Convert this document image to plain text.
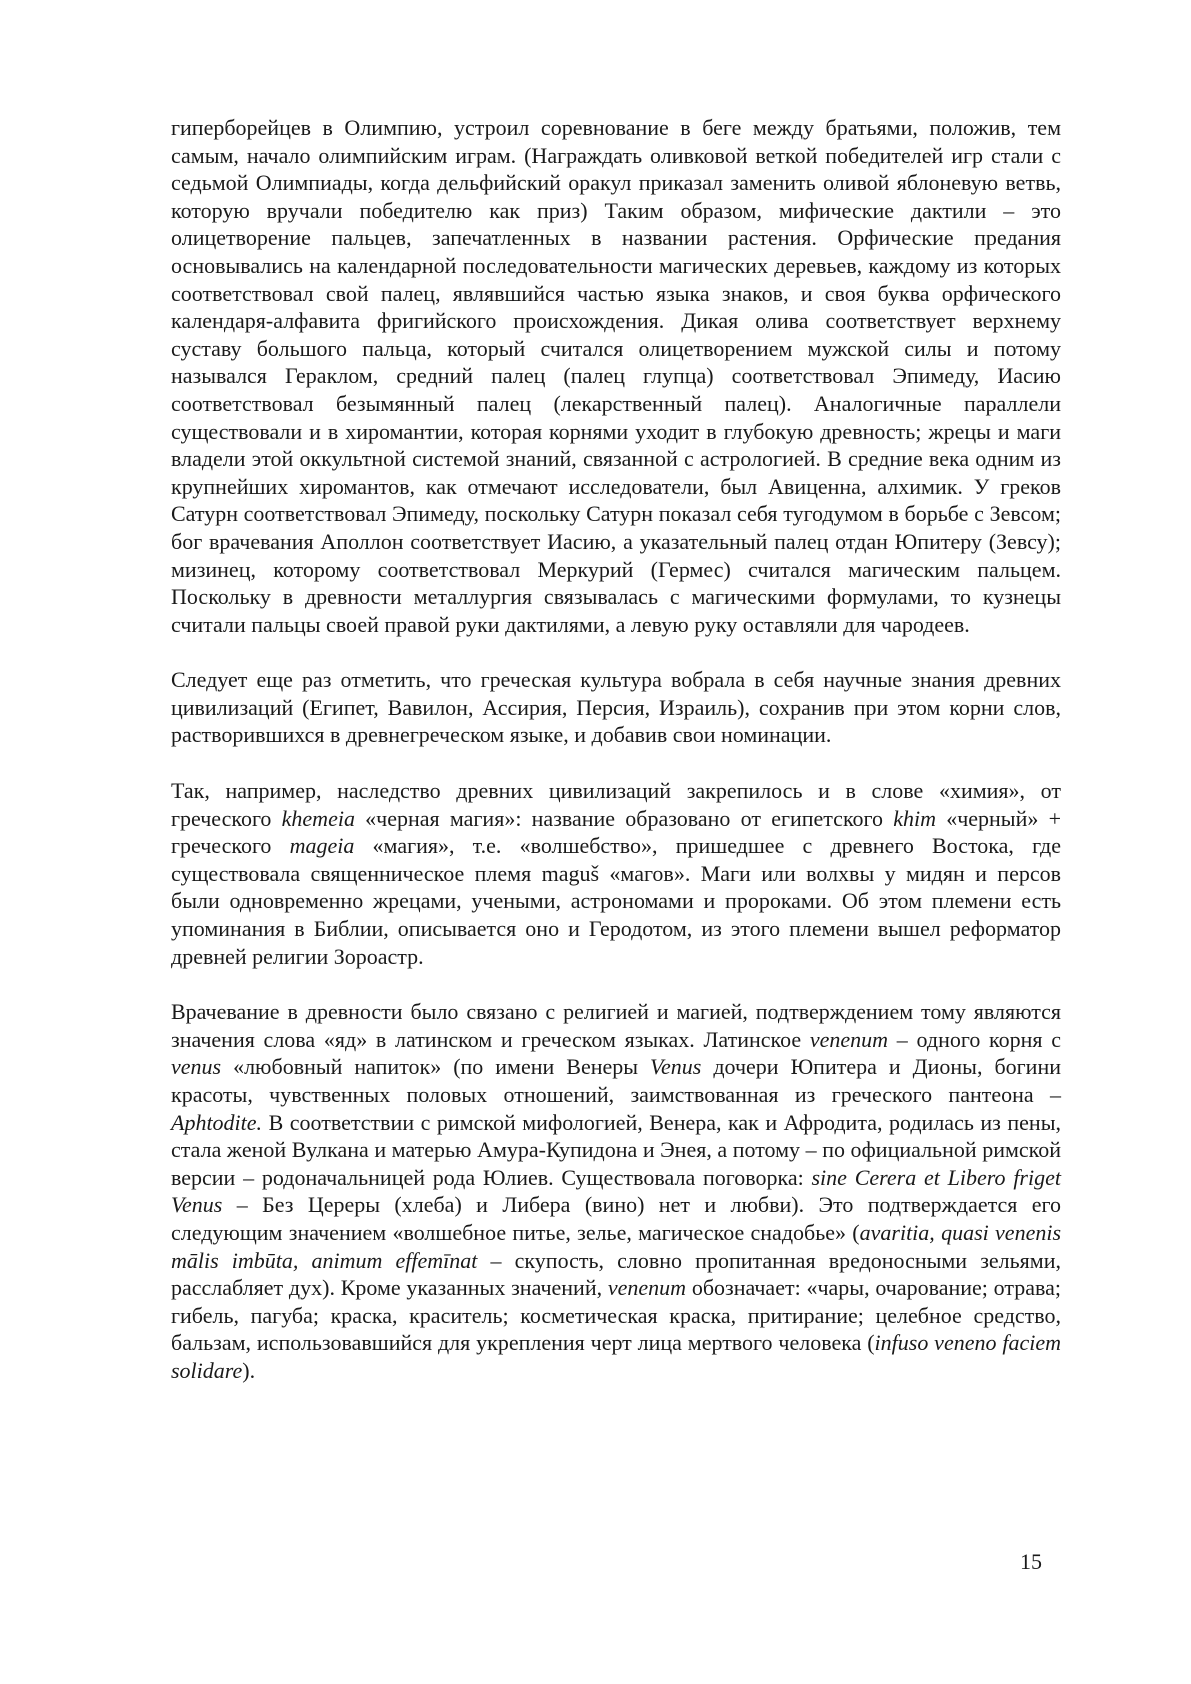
гиперборейцев в Олимпию, устроил соревнование в беге между братьями, положив, тем самым, начало олимпийским играм. (Награждать оливковой веткой победителей игр стали с седьмой Олимпиады, когда дельфийский оракул приказал заменить оливой яблоневую ветвь, которую вручали победителю как приз) Таким образом, мифические дактили – это олицетворение пальцев, запечатленных в названии растения. Орфические предания основывались на календарной последовательности магических деревьев, каждому из которых соответствовал свой палец, являвшийся частью языка знаков, и своя буква орфического календаря-алфавита фригийского происхождения. Дикая олива соответствует верхнему суставу большого пальца, который считался олицетворением мужской силы и потому назывался Гераклом, средний палец (палец глупца) соответствовал Эпимеду, Иасию соответствовал безымянный палец (лекарственный палец). Аналогичные параллели существовали и в хиромантии, которая корнями уходит в глубокую древность; жрецы и маги владели этой оккультной системой знаний, связанной с астрологией. В средние века одним из крупнейших хиромантов, как отмечают исследователи, был Авиценна, алхимик. У греков Сатурн соответствовал Эпимеду, поскольку Сатурн показал себя тугодумом в борьбе с Зевсом; бог врачевания Аполлон соответствует Иасию, а указательный палец отдан Юпитеру (Зевсу); мизинец, которому соответствовал Меркурий (Гермес) считался магическим пальцем. Поскольку в древности металлургия связывалась с магическими формулами, то кузнецы считали пальцы своей правой руки дактилями, а левую руку оставляли для чародеев.

Следует еще раз отметить, что греческая культура вобрала в себя научные знания древних цивилизаций (Египет, Вавилон, Ассирия, Персия, Израиль), сохранив при этом корни слов, растворившихся в древнегреческом языке, и добавив свои номинации.

Так, например, наследство древних цивилизаций закрепилось и в слове «химия», от греческого khemeia «черная магия»: название образовано от египетского khim «черный» + греческого mageia «магия», т.е. «волшебство», пришедшее с древнего Востока, где существовала священническое племя maguš «магов». Маги или волхвы у мидян и персов были одновременно жрецами, учеными, астрономами и пророками. Об этом племени есть упоминания в Библии, описывается оно и Геродотом, из этого племени вышел реформатор древней религии Зороастр.

Врачевание в древности было связано с религией и магией, подтверждением тому являются значения слова «яд» в латинском и греческом языках. Латинское venenum – одного корня с venus «любовный напиток» (по имени Венеры Venus дочери Юпитера и Дионы, богини красоты, чувственных половых отношений, заимствованная из греческого пантеона – Aphtodite. В соответствии с римской мифологией, Венера, как и Афродита, родилась из пены, стала женой Вулкана и матерью Амура-Купидона и Энея, а потому – по официальной римской версии – родоначальницей рода Юлиев. Существовала поговорка: sine Cerera et Libero friget Venus – Без Цереры (хлеба) и Либера (вино) нет и любви). Это подтверждается его следующим значением «волшебное питье, зелье, магическое снадобье» (avaritia, quasi venenis mālis imbūta, animum effemīnat – скупость, словно пропитанная вредоносными зельями, расслабляет дух). Кроме указанных значений, venenum обозначает: «чары, очарование; отрава; гибель, пагуба; краска, краситель; косметическая краска, притирание; целебное средство, бальзам, использовавшийся для укрепления черт лица мертвого человека (infuso veneno faciem solidare).

15
